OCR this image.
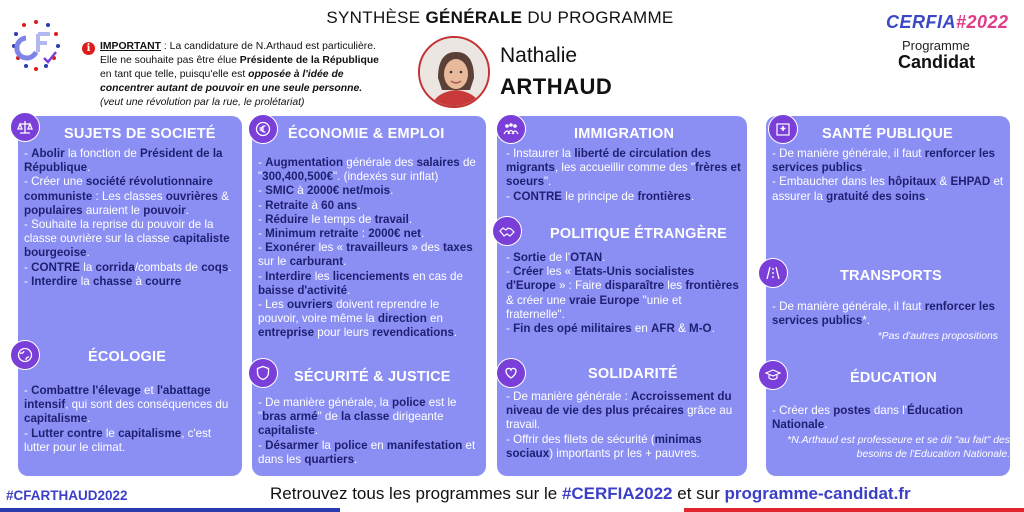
SYNTHÈSE GÉNÉRALE DU PROGRAMME
i IMPORTANT : La candidature de N.Arthaud est particulière.
Elle ne souhaite pas être élue Présidente de la République
en tant que telle, puisqu'elle est opposée à l'idée de
concentrer autant de pouvoir en une seule personne.
(veut une révolution par la rue, le prolétariat)
Nathalie
ARTHAUD
CERFIA#2022
Programme
Candidat
SUJETS DE SOCIETÉ

- Abolir la fonction de Président de la République.

- Créer une société révolutionnaire communiste : Les classes ouvrières & populaires auraient le pouvoir.

- Souhaite la reprise du pouvoir de la classe ouvrière sur la classe capitaliste bourgeoise.

- CONTRE la corrida/combats de coqs.

- Interdire la chasse à courre

ÉCOLOGIE

- Combattre l'élevage et l'abattage intensif, qui sont des conséquences du capitalisme.

- Lutter contre le capitalisme, c'est lutter pour le climat.

ÉCONOMIE & EMPLOI

- Augmentation générale des salaires de "300,400,500€". (indexés sur inflat)

- SMIC à 2000€ net/mois.

- Retraite à 60 ans.

- Réduire le temps de travail.

- Minimum retraite : 2000€ net.

- Exonérer les « travailleurs » des taxes sur le carburant.

- Interdire les licenciements en cas de baisse d'activité.

- Les ouvriers doivent reprendre le pouvoir, voire même la direction en entreprise pour leurs revendications.

SÉCURITÉ & JUSTICE

- De manière générale, la police est le "bras armé" de la classe dirigeante capitaliste.

- Désarmer la police en manifestation et dans les quartiers.

IMMIGRATION

- Instaurer la liberté de circulation des migrants, les accueillir comme des "frères et soeurs".

- CONTRE le principe de frontières.

POLITIQUE ÉTRANGÈRE

- Sortie de l'OTAN.

- Créer les « Etats-Unis socialistes d'Europe » : Faire disparaître les frontières & créer une vraie Europe "unie et fraternelle".

- Fin des opé militaires en AFR & M-O.

SOLIDARITÉ

- De manière générale : Accroissement du niveau de vie des plus précaires grâce au travail.

- Offrir des filets de sécurité (minimas sociaux) importants pr les + pauvres.

SANTÉ PUBLIQUE

- De manière générale, il faut renforcer les services publics.

- Embaucher dans les hôpitaux & EHPAD et assurer la gratuité des soins.

TRANSPORTS

- De manière générale, il faut renforcer les services publics*.

*Pas d'autres propositions

ÉDUCATION

- Créer des postes dans l'Éducation Nationale.

*N.Arthaud est professeure et se dit "au fait" des besoins de l'Education Nationale.

#CFARTHAUD2022	Retrouvez tous les programmes sur le #CERFIA2022 et sur programme-candidat.fr
